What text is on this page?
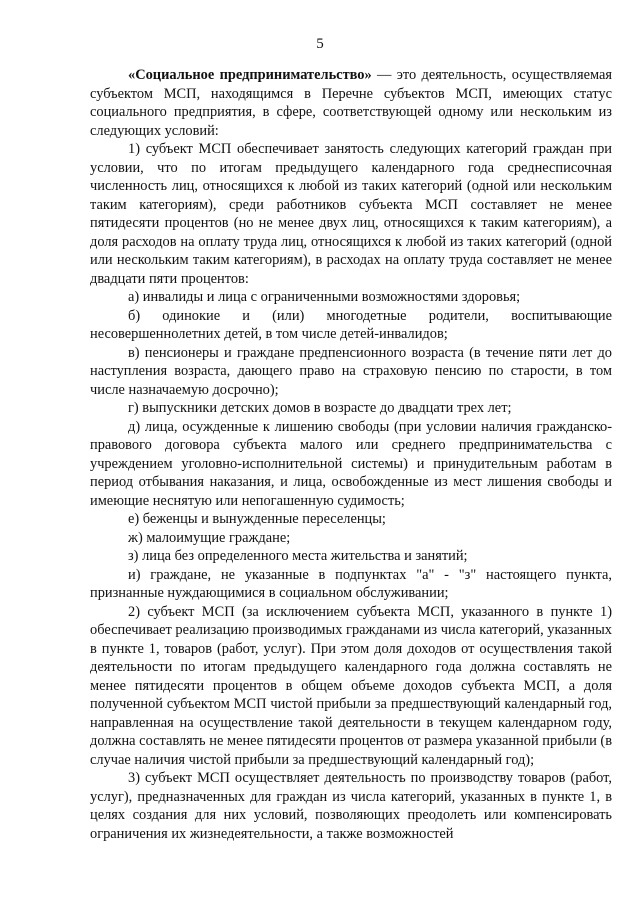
5

«Социальное предпринимательство» — это деятельность, осуществляемая субъектом МСП, находящимся в Перечне субъектов МСП, имеющих статус социального предприятия, в сфере, соответствующей одному или нескольким из следующих условий:

1) субъект МСП обеспечивает занятость следующих категорий граждан при условии, что по итогам предыдущего календарного года среднесписочная численность лиц, относящихся к любой из таких категорий (одной или нескольким таким категориям), среди работников субъекта МСП составляет не менее пятидесяти процентов (но не менее двух лиц, относящихся к таким категориям), а доля расходов на оплату труда лиц, относящихся к любой из таких категорий (одной или нескольким таким категориям), в расходах на оплату труда составляет не менее двадцати пяти процентов:

а) инвалиды и лица с ограниченными возможностями здоровья;

б) одинокие и (или) многодетные родители, воспитывающие несовершеннолетних детей, в том числе детей-инвалидов;

в) пенсионеры и граждане предпенсионного возраста (в течение пяти лет до наступления возраста, дающего право на страховую пенсию по старости, в том числе назначаемую досрочно);

г) выпускники детских домов в возрасте до двадцати трех лет;

д) лица, осужденные к лишению свободы (при условии наличия гражданско-правового договора субъекта малого или среднего предпринимательства с учреждением уголовно-исполнительной системы) и принудительным работам в период отбывания наказания, и лица, освобожденные из мест лишения свободы и имеющие неснятую или непогашенную судимость;

е) беженцы и вынужденные переселенцы;

ж) малоимущие граждане;

з) лица без определенного места жительства и занятий;

и) граждане, не указанные в подпунктах "а" - "з" настоящего пункта, признанные нуждающимися в социальном обслуживании;

2) субъект МСП (за исключением субъекта МСП, указанного в пункте 1) обеспечивает реализацию производимых гражданами из числа категорий, указанных в пункте 1, товаров (работ, услуг). При этом доля доходов от осуществления такой деятельности по итогам предыдущего календарного года должна составлять не менее пятидесяти процентов в общем объеме доходов субъекта МСП, а доля полученной субъектом МСП чистой прибыли за предшествующий календарный год, направленная на осуществление такой деятельности в текущем календарном году, должна составлять не менее пятидесяти процентов от размера указанной прибыли (в случае наличия чистой прибыли за предшествующий календарный год);

3) субъект МСП осуществляет деятельность по производству товаров (работ, услуг), предназначенных для граждан из числа категорий, указанных в пункте 1, в целях создания для них условий, позволяющих преодолеть или компенсировать ограничения их жизнедеятельности, а также возможностей
